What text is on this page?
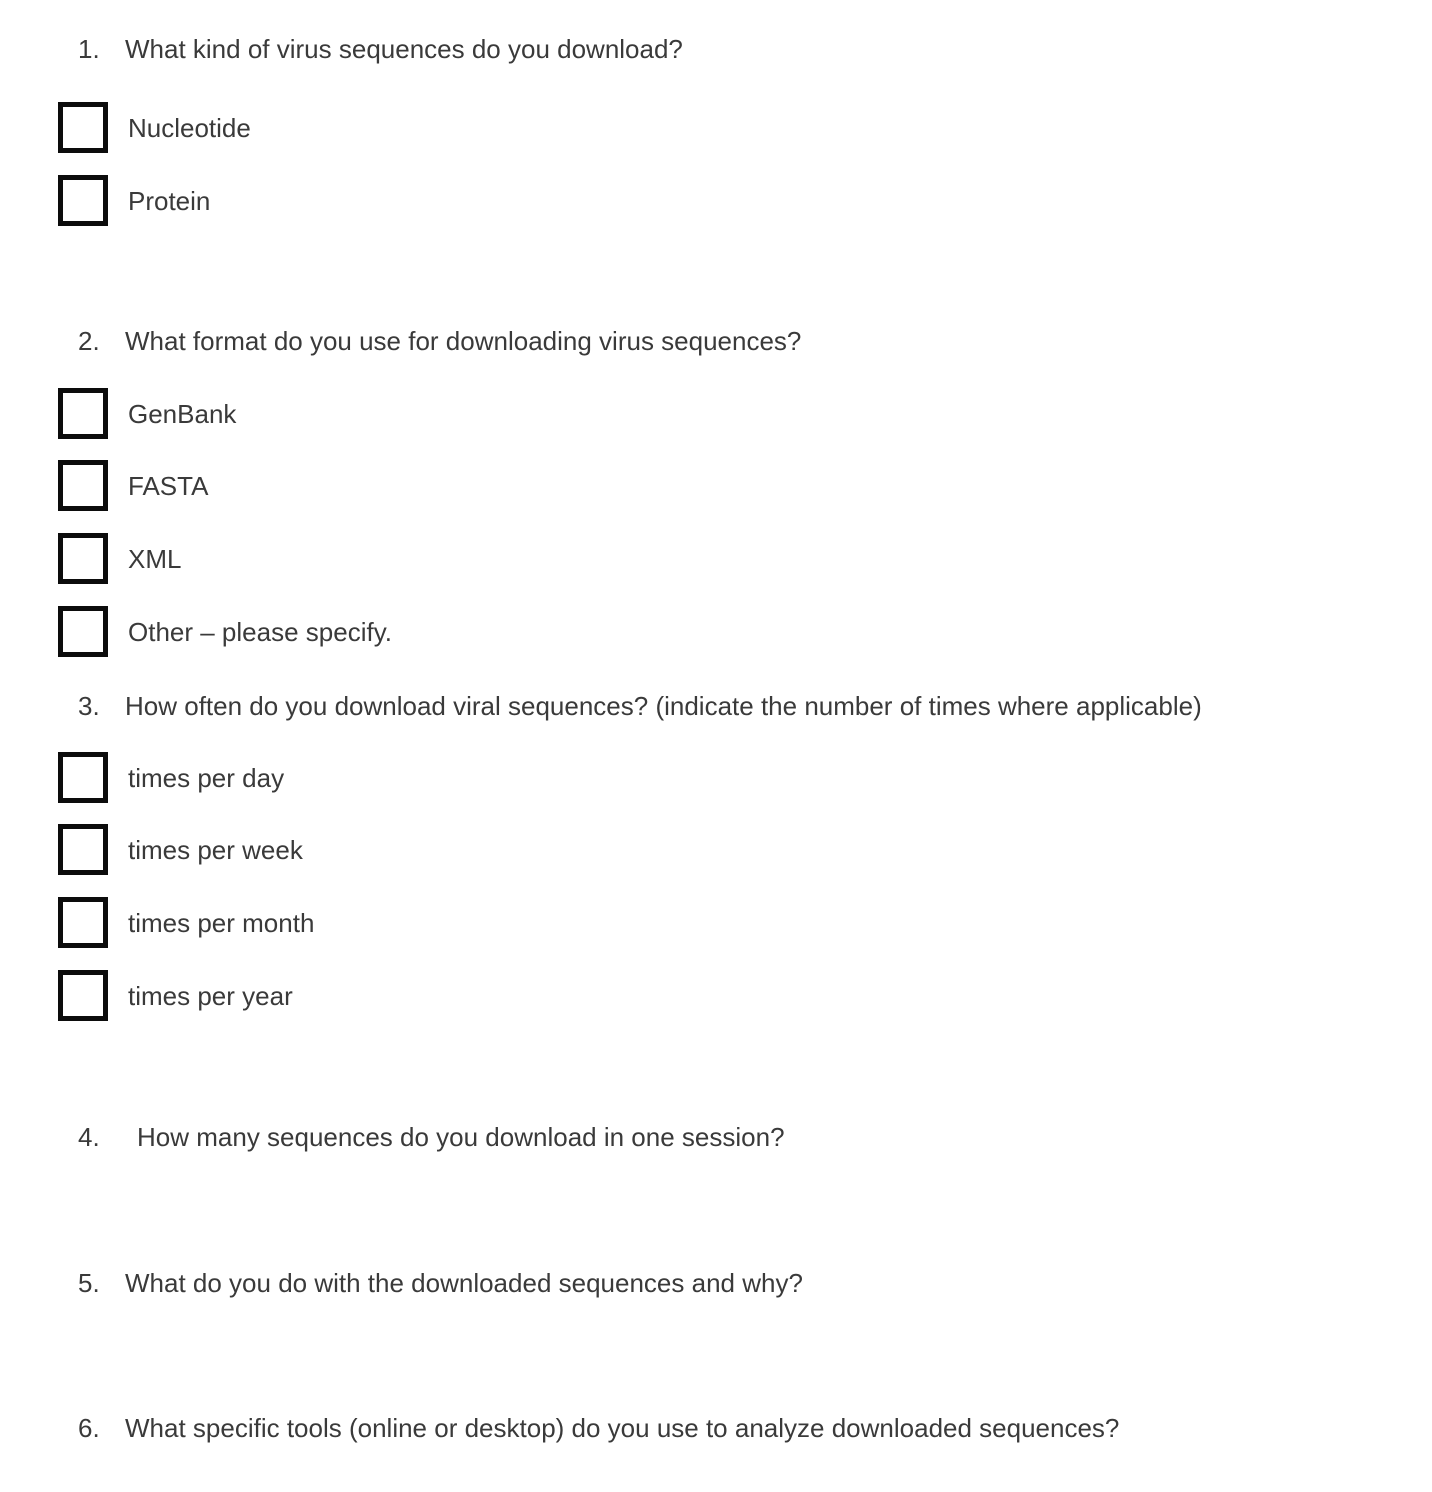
1. What kind of virus sequences do you download?
Nucleotide
Protein
2. What format do you use for downloading virus sequences?
GenBank
FASTA
XML
Other – please specify.
3. How often do you download viral sequences? (indicate the number of times where applicable)
times per day
times per week
times per month
times per year
4. How many sequences do you download in one session?
5. What do you do with the downloaded sequences and why?
6. What specific tools (online or desktop) do you use to analyze downloaded sequences?
